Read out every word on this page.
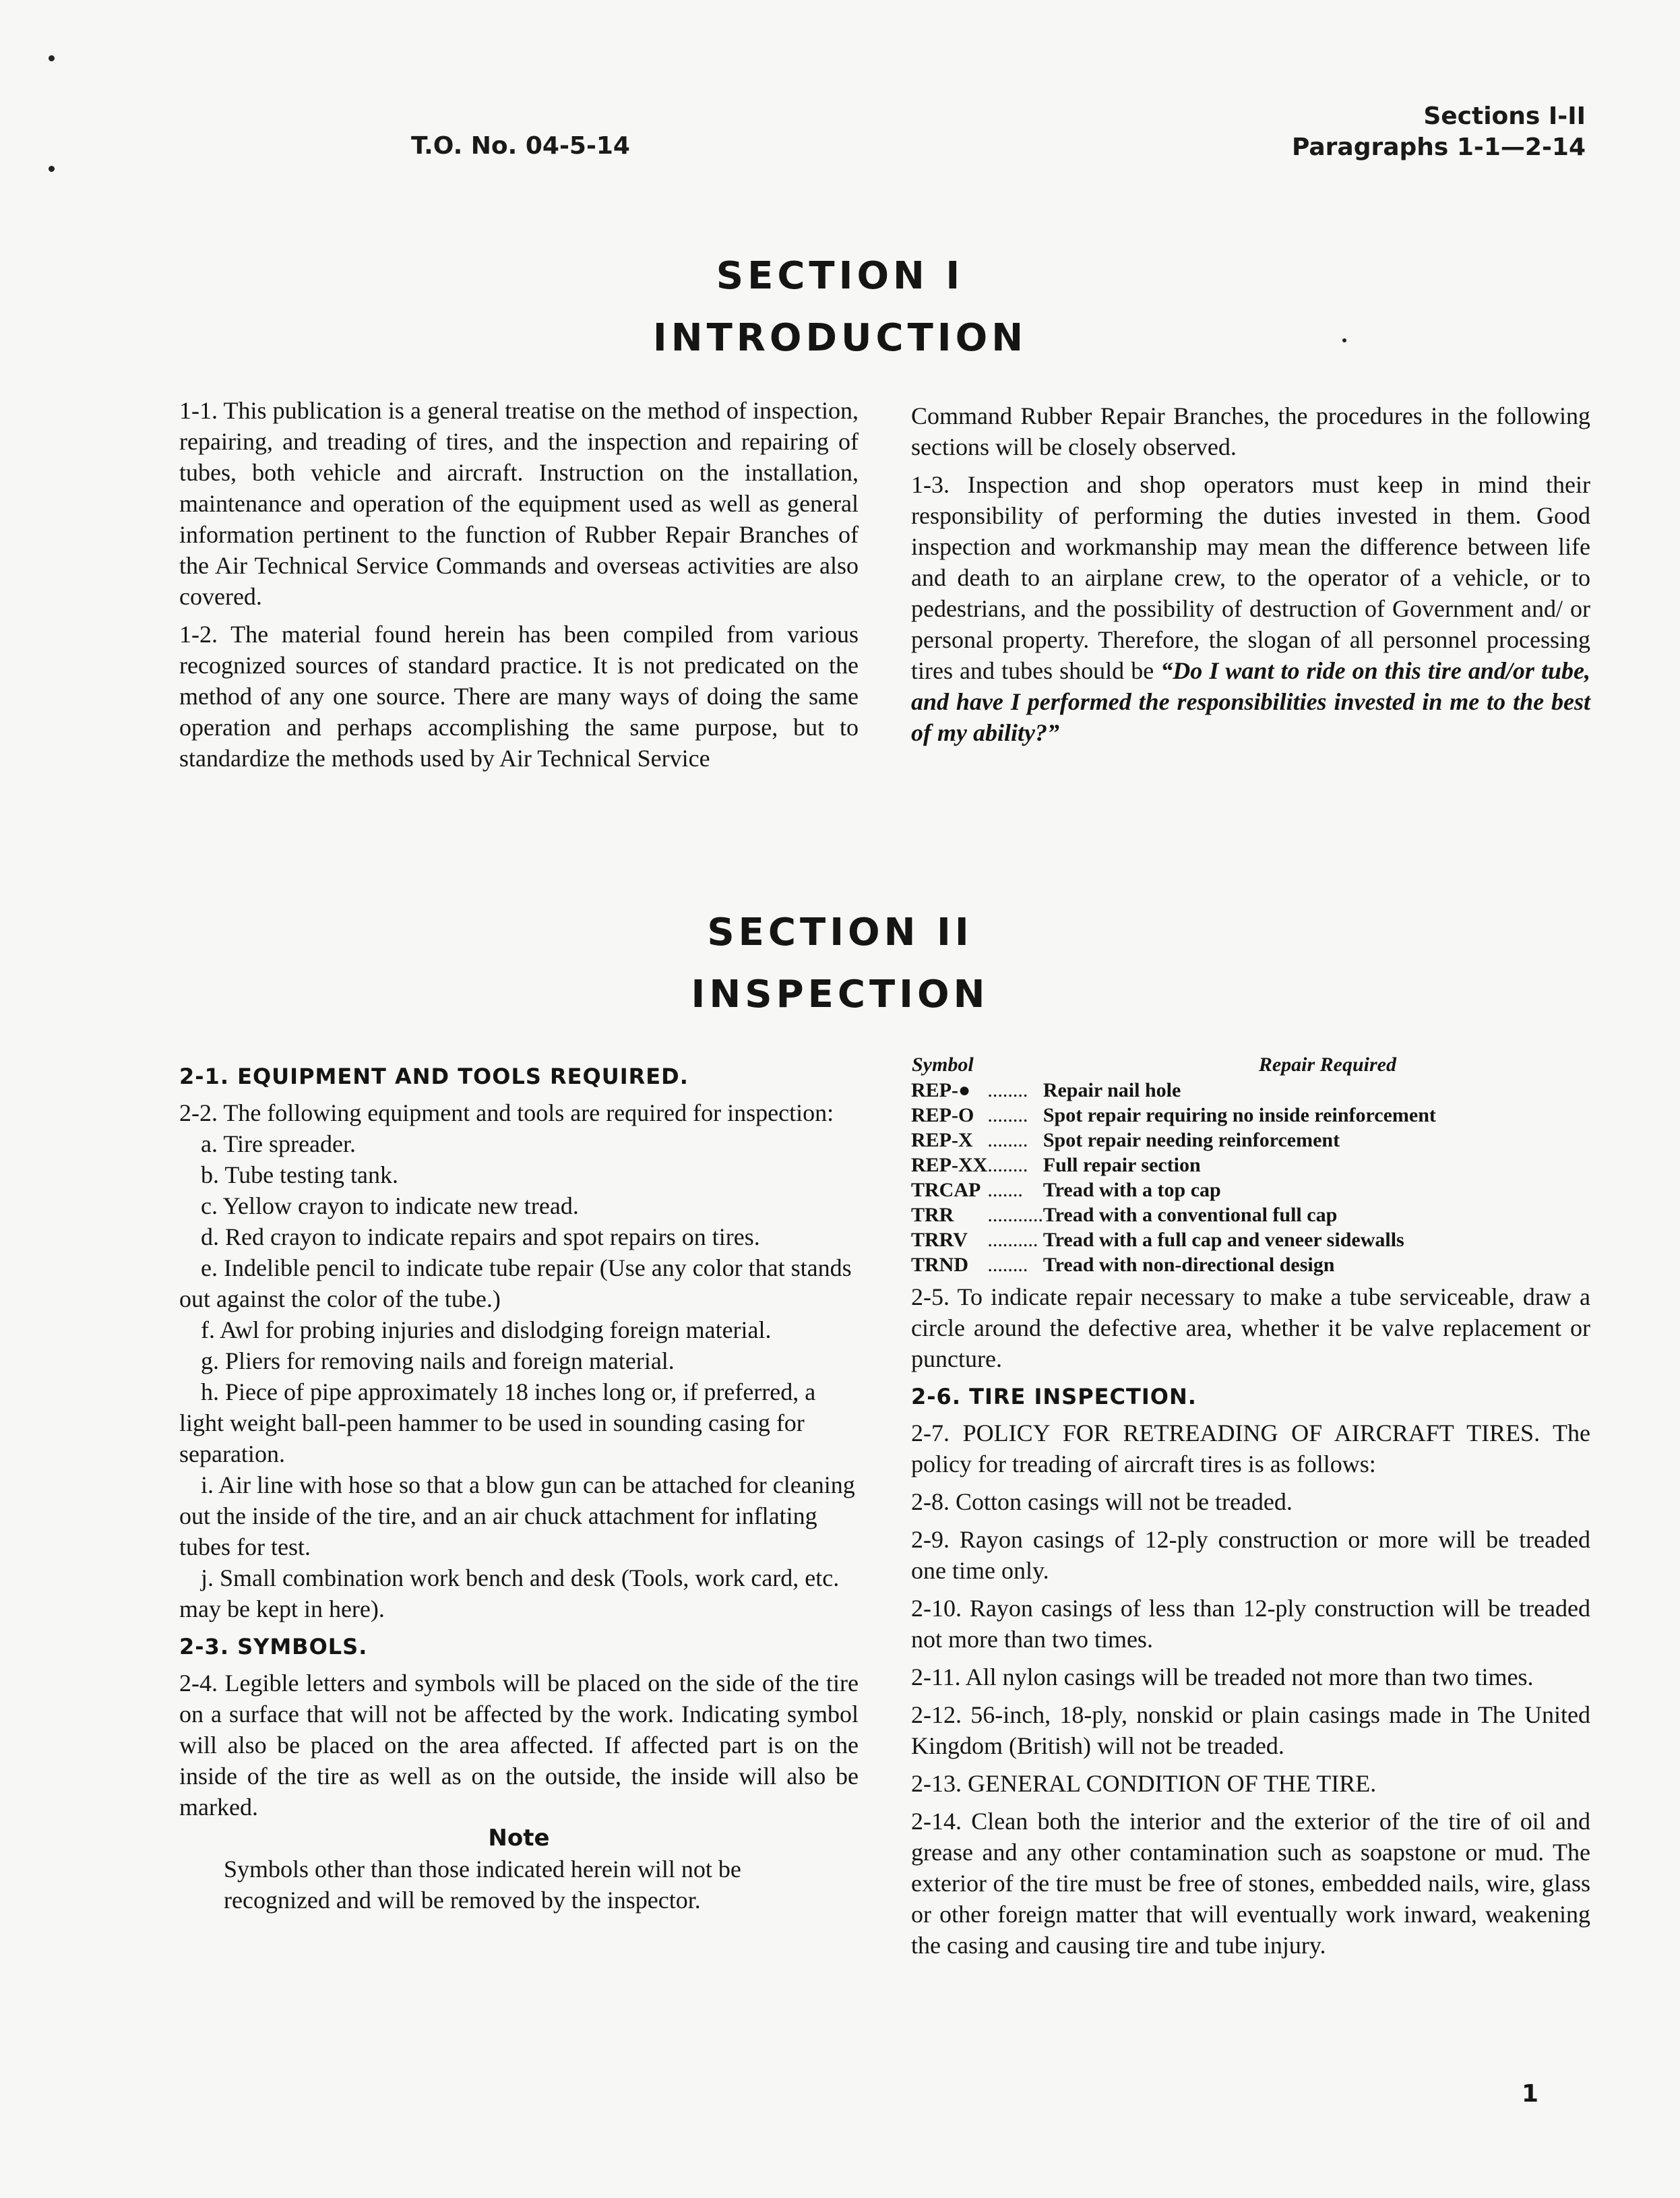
T.O. No. 04-5-14
Sections I-II
Paragraphs 1-1—2-14
SECTION I
INTRODUCTION

1-1. This publication is a general treatise on the method of inspection, repairing, and treading of tires, and the inspection and repairing of tubes, both vehicle and aircraft. Instruction on the installation, maintenance and operation of the equipment used as well as general information pertinent to the function of Rubber Repair Branches of the Air Technical Service Commands and overseas activities are also covered.

1-2. The material found herein has been compiled from various recognized sources of standard practice. It is not predicated on the method of any one source. There are many ways of doing the same operation and perhaps accomplishing the same purpose, but to standardize the methods used by Air Technical Service

Command Rubber Repair Branches, the procedures in the following sections will be closely observed.

1-3. Inspection and shop operators must keep in mind their responsibility of performing the duties invested in them. Good inspection and workmanship may mean the difference between life and death to an airplane crew, to the operator of a vehicle, or to pedestrians, and the possibility of destruction of Government and/ or personal property. Therefore, the slogan of all personnel processing tires and tubes should be “Do I want to ride on this tire and/or tube, and have I performed the responsibilities invested in me to the best of my ability?”

SECTION II
INSPECTION
2-1. EQUIPMENT AND TOOLS REQUIRED.

2-2. The following equipment and tools are required for inspection:

a. Tire spreader.

b. Tube testing tank.

c. Yellow crayon to indicate new tread.

d. Red crayon to indicate repairs and spot repairs on tires.

e. Indelible pencil to indicate tube repair (Use any color that stands out against the color of the tube.)

f. Awl for probing injuries and dislodging foreign material.

g. Pliers for removing nails and foreign material.

h. Piece of pipe approximately 18 inches long or, if preferred, a light weight ball-peen hammer to be used in sounding casing for separation.

i. Air line with hose so that a blow gun can be attached for cleaning out the inside of the tire, and an air chuck attachment for inflating tubes for test.

j. Small combination work bench and desk (Tools, work card, etc. may be kept in here).

2-3. SYMBOLS.

2-4. Legible letters and symbols will be placed on the side of the tire on a surface that will not be affected by the work. Indicating symbol will also be placed on the area affected. If affected part is on the inside of the tire as well as on the outside, the inside will also be marked.

Note

Symbols other than those indicated herein will not be recognized and will be removed by the inspector.

Symbol		Repair Required
REP-●	........	Repair nail hole
REP-O	........	Spot repair requiring no inside reinforcement
REP-X	........	Spot repair needing reinforcement
REP-XX	........	Full repair section
TRCAP	.......	Tread with a top cap
TRR	...........	Tread with a conventional full cap
TRRV	..........	Tread with a full cap and veneer sidewalls
TRND	........	Tread with non-directional design

2-5. To indicate repair necessary to make a tube serviceable, draw a circle around the defective area, whether it be valve replacement or puncture.

2-6. TIRE INSPECTION.

2-7. POLICY FOR RETREADING OF AIRCRAFT TIRES. The policy for treading of aircraft tires is as follows:

2-8. Cotton casings will not be treaded.

2-9. Rayon casings of 12-ply construction or more will be treaded one time only.

2-10. Rayon casings of less than 12-ply construction will be treaded not more than two times.

2-11. All nylon casings will be treaded not more than two times.

2-12. 56-inch, 18-ply, nonskid or plain casings made in The United Kingdom (British) will not be treaded.

2-13. GENERAL CONDITION OF THE TIRE.

2-14. Clean both the interior and the exterior of the tire of oil and grease and any other contamination such as soapstone or mud. The exterior of the tire must be free of stones, embedded nails, wire, glass or other foreign matter that will eventually work inward, weakening the casing and causing tire and tube injury.

1
